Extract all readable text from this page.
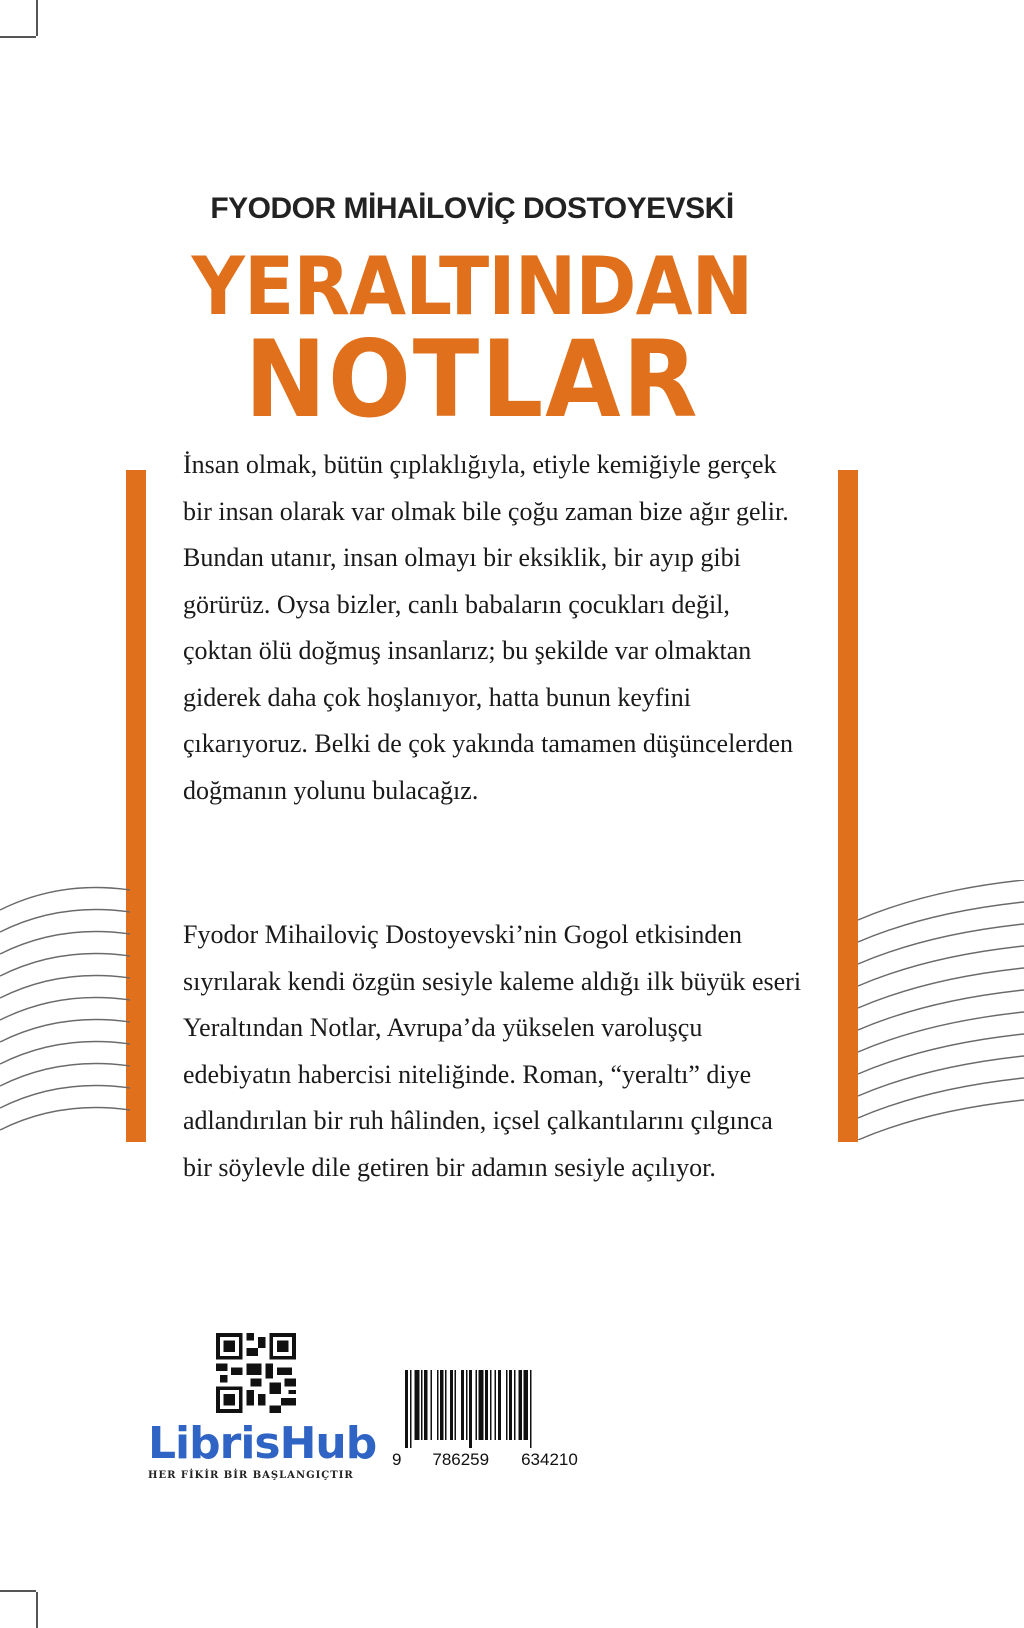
FYODOR MİHAİLOVİÇ DOSTOYEVSKİ
YERALTINDAN
NOTLAR

İnsan olmak, bütün çıplaklığıyla, etiyle kemiğiyle gerçek bir insan olarak var olmak bile çoğu zaman bize ağır gelir. Bundan utanır, insan olmayı bir eksiklik, bir ayıp gibi görürüz. Oysa bizler, canlı babaların çocukları değil, çoktan ölü doğmuş insanlarız; bu şekilde var olmaktan giderek daha çok hoşlanıyor, hatta bunun keyfini çıkarıyoruz. Belki de çok yakında tamamen düşüncelerden doğmanın yolunu bulacağız.

Fyodor Mihailoviç Dostoyevski’nin Gogol etkisinden sıyrılarak kendi özgün sesiyle kaleme aldığı ilk büyük eseri Yeraltından Notlar, Avrupa’da yükselen varoluşçu edebiyatın habercisi niteliğinde. Roman, “yeraltı” diye adlandırılan bir ruh hâlinden, içsel çalkantılarını çılgınca bir söylevle dile getiren bir adamın sesiyle açılıyor.

LibrisHub
HER FİKİR BİR BAŞLANGIÇTIR
9 786259 634210
